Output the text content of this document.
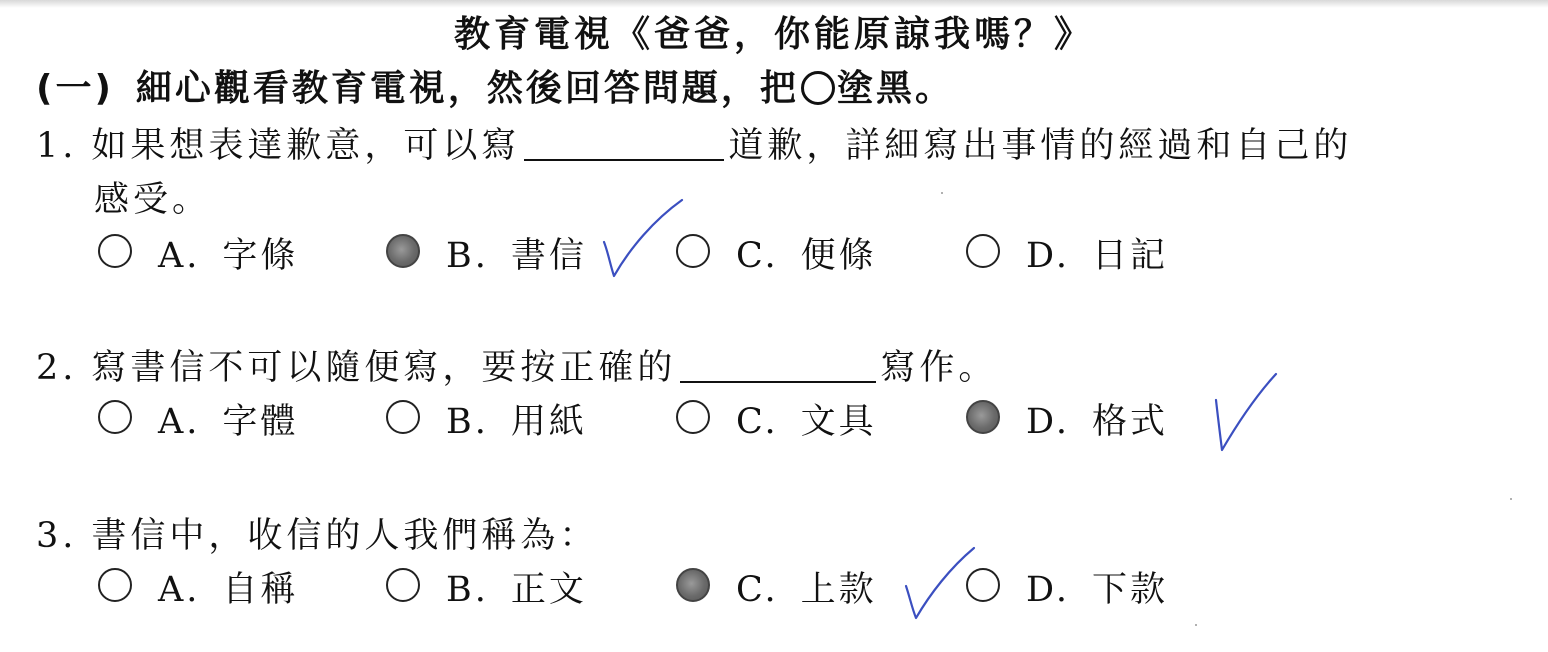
教育電視《爸爸，你能原諒我嗎？》
(一) 細心觀看教育電視，然後回答問題，把 塗黑。
1. 如果想表達歉意，可以寫	道歉，詳細寫出事情的經過和自己的
感受。
A. 字條	B. 書信	C. 便條	D. 日記
2. 寫書信不可以隨便寫，要按正確的	寫作。
A. 字體	B. 用紙	C. 文具	D. 格式
3. 書信中，收信的人我們稱為：
A. 自稱	B. 正文	C. 上款	D. 下款
